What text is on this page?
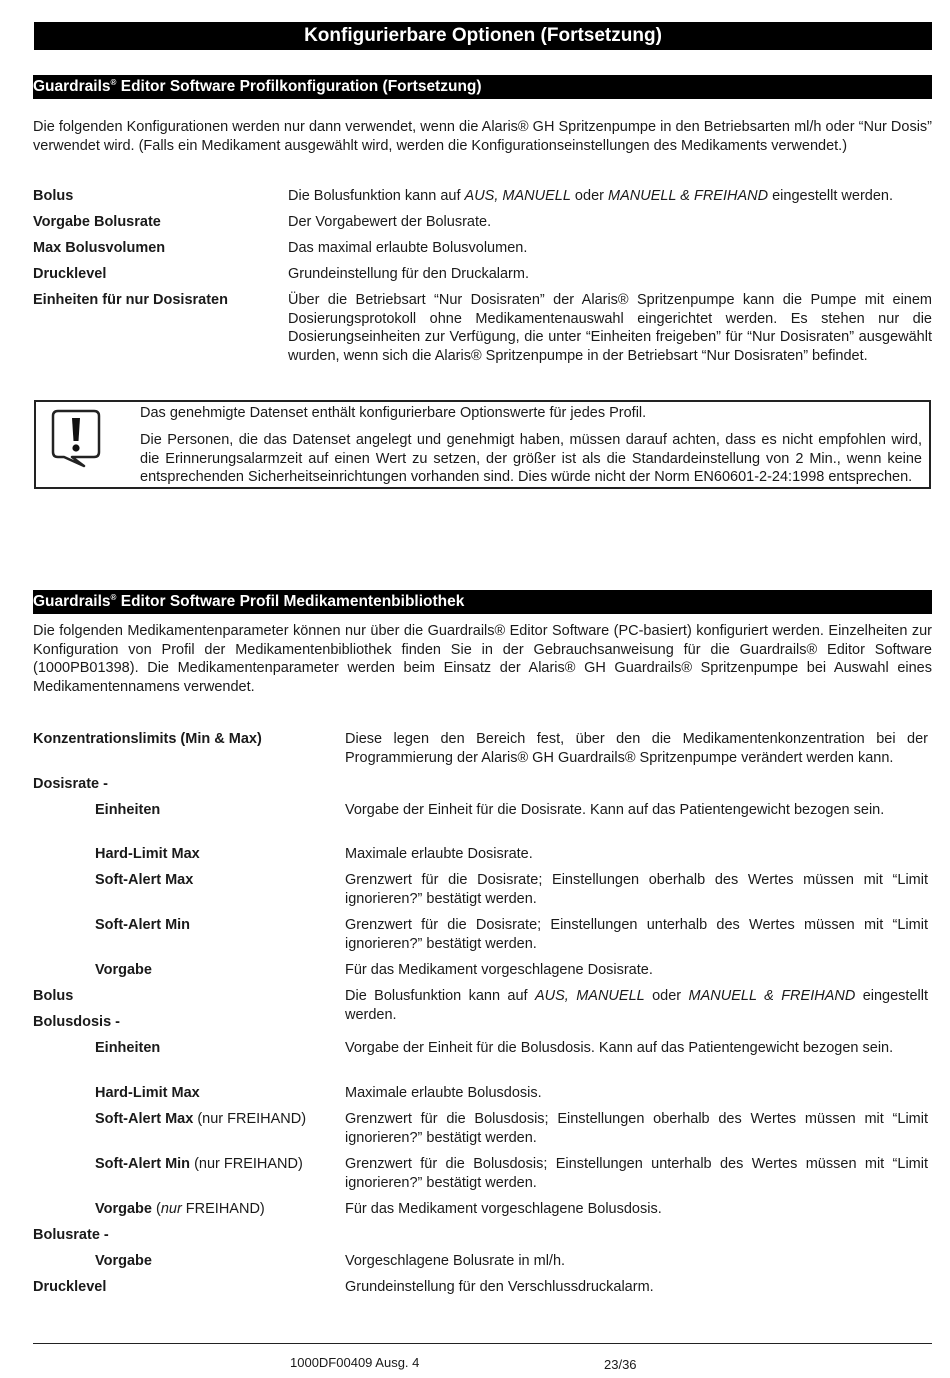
Konfigurierbare Optionen (Fortsetzung)
Guardrails® Editor Software Profilkonfiguration (Fortsetzung)
Die folgenden Konfigurationen werden nur dann verwendet, wenn die Alaris® GH Spritzenpumpe in den Betriebsarten ml/h oder “Nur Dosis” verwendet wird. (Falls ein Medikament ausgewählt wird, werden die Konfigurationseinstellungen des Medikaments verwendet.)
Bolus	Die Bolusfunktion kann auf AUS, MANUELL oder MANUELL & FREIHAND eingestellt werden.
Vorgabe Bolusrate	Der Vorgabewert der Bolusrate.
Max Bolusvolumen	Das maximal erlaubte Bolusvolumen.
Drucklevel	Grundeinstellung für den Druckalarm.
Einheiten für nur Dosisraten	Über die Betriebsart “Nur Dosisraten” der Alaris® Spritzenpumpe kann die Pumpe mit einem Dosierungsprotokoll ohne Medikamentenauswahl eingerichtet werden. Es stehen nur die Dosierungseinheiten zur Verfügung, die unter “Einheiten freigeben” für “Nur Dosisraten” ausgewählt wurden, wenn sich die Alaris® Spritzenpumpe in der Betriebsart “Nur Dosisraten” befindet.
Das genehmigte Datenset enthält konfigurierbare Optionswerte für jedes Profil.
Die Personen, die das Datenset angelegt und genehmigt haben, müssen darauf achten, dass es nicht empfohlen wird, die Erinnerungsalarmzeit auf einen Wert zu setzen, der größer ist als die Standardeinstellung von 2 Min., wenn keine entsprechenden Sicherheitseinrichtungen vorhanden sind. Dies würde nicht der Norm EN60601-2-24:1998 entsprechen.
Guardrails® Editor Software Profil Medikamentenbibliothek
Die folgenden Medikamentenparameter können nur über die Guardrails® Editor Software (PC-basiert) konfiguriert werden. Einzelheiten zur Konfiguration von Profil der Medikamentenbibliothek finden Sie in der Gebrauchsanweisung für die Guardrails® Editor Software (1000PB01398). Die Medikamentenparameter werden beim Einsatz der Alaris® GH Guardrails® Spritzenpumpe bei Auswahl eines Medikamentennamens verwendet.
Konzentrationslimits (Min & Max)	Diese legen den Bereich fest, über den die Medikamentenkonzentration bei der Programmierung der Alaris® GH Guardrails® Spritzenpumpe verändert werden kann.
Dosisrate -
Einheiten	Vorgabe der Einheit für die Dosisrate. Kann auf das Patientengewicht bezogen sein.
Hard-Limit Max	Maximale erlaubte Dosisrate.
Soft-Alert Max	Grenzwert für die Dosisrate; Einstellungen oberhalb des Wertes müssen mit “Limit ignorieren?” bestätigt werden.
Soft-Alert Min	Grenzwert für die Dosisrate; Einstellungen unterhalb des Wertes müssen mit “Limit ignorieren?” bestätigt werden.
Vorgabe	Für das Medikament vorgeschlagene Dosisrate.
Bolus	Die Bolusfunktion kann auf AUS, MANUELL oder MANUELL & FREIHAND eingestellt werden.
Bolusdosis -
Einheiten	Vorgabe der Einheit für die Bolusdosis. Kann auf das Patientengewicht bezogen sein.
Hard-Limit Max	Maximale erlaubte Bolusdosis.
Soft-Alert Max (nur FREIHAND)	Grenzwert für die Bolusdosis; Einstellungen oberhalb des Wertes müssen mit “Limit ignorieren?” bestätigt werden.
Soft-Alert Min (nur FREIHAND)	Grenzwert für die Bolusdosis; Einstellungen unterhalb des Wertes müssen mit “Limit ignorieren?” bestätigt werden.
Vorgabe (nur FREIHAND)	Für das Medikament vorgeschlagene Bolusdosis.
Bolusrate -
Vorgabe	Vorgeschlagene Bolusrate in ml/h.
Drucklevel	Grundeinstellung für den Verschlussdruckalarm.
1000DF00409 Ausg. 4	23/36
